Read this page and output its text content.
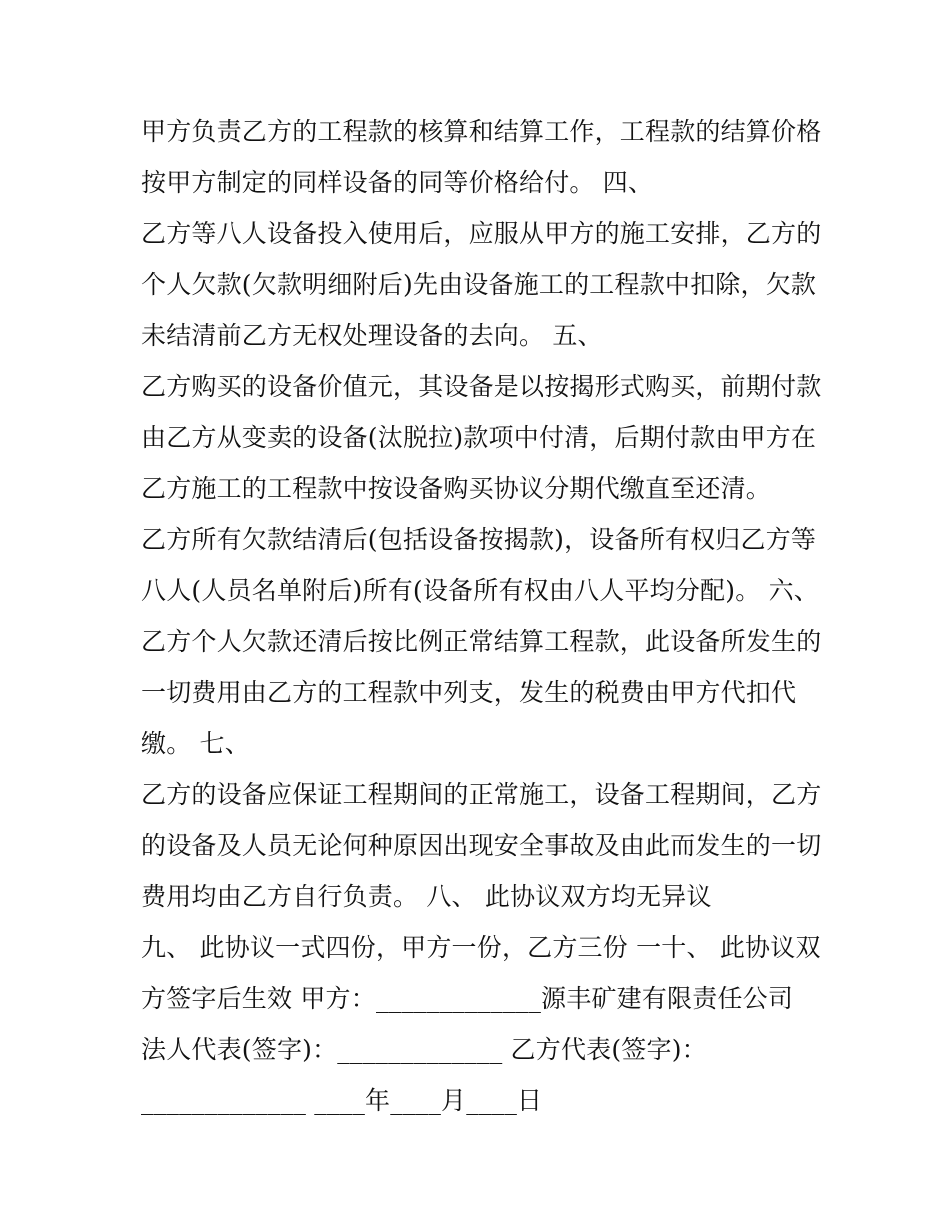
甲方负责乙方的工程款的核算和结算工作，工程款的结算价格
按甲方制定的同样设备的同等价格给付。 四、
乙方等八人设备投入使用后，应服从甲方的施工安排，乙方的
个人欠款(欠款明细附后)先由设备施工的工程款中扣除，欠款
未结清前乙方无权处理设备的去向。 五、
乙方购买的设备价值元，其设备是以按揭形式购买，前期付款
由乙方从变卖的设备(汰脱拉)款项中付清，后期付款由甲方在
乙方施工的工程款中按设备购买协议分期代缴直至还清。
乙方所有欠款结清后(包括设备按揭款)，设备所有权归乙方等
八人(人员名单附后)所有(设备所有权由八人平均分配)。 六、
乙方个人欠款还清后按比例正常结算工程款，此设备所发生的
一切费用由乙方的工程款中列支，发生的税费由甲方代扣代
缴。 七、
乙方的设备应保证工程期间的正常施工，设备工程期间，乙方
的设备及人员无论何种原因出现安全事故及由此而发生的一切
费用均由乙方自行负责。 八、 此协议双方均无异议
九、 此协议一式四份，甲方一份，乙方三份 一十、 此协议双
方签字后生效 甲方：_____________源丰矿建有限责任公司
法人代表(签字)：_____________ 乙方代表(签字)：
_____________ ____年____月____日
